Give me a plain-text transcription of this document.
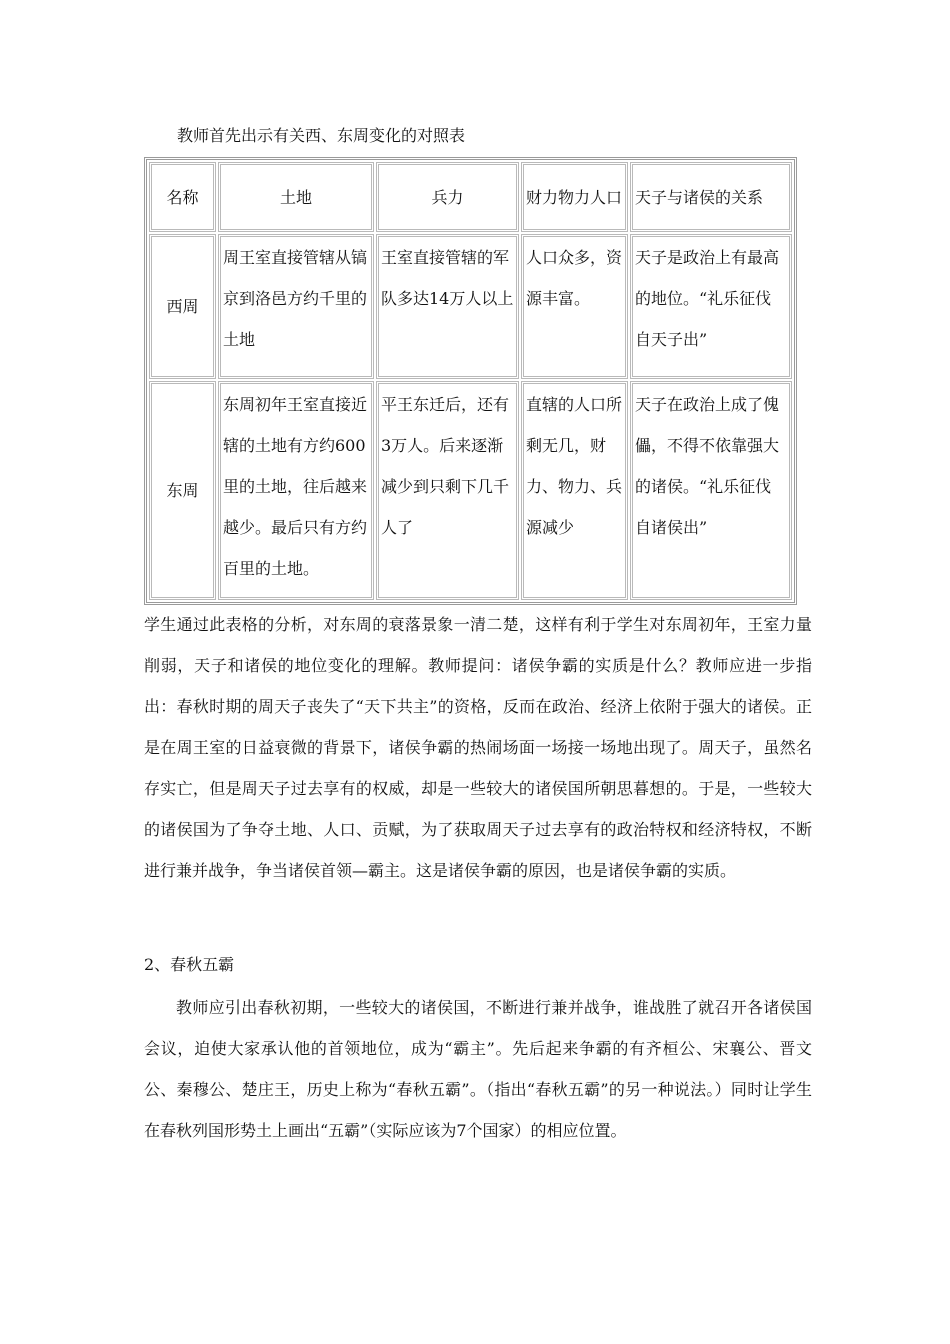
教师首先出示有关西、东周变化的对照表
名称	土地	兵力	财力物力人口	天子与诸侯的关系
西周	周王室直接管辖从镐京到洛邑方约千里的土地	王室直接管辖的军队多达14万人以上	人口众多，资源丰富。	天子是政治上有最高的地位。“礼乐征伐自天子出”
东周	东周初年王室直接近辖的土地有方约600里的土地，往后越来越少。最后只有方约百里的土地。	平王东迁后，还有3万人。后来逐渐减少到只剩下几千人了	直辖的人口所剩无几，财力、物力、兵源减少	天子在政治上成了傀儡，不得不依靠强大的诸侯。“礼乐征伐自诸侯出”
学生通过此表格的分析，对东周的衰落景象一清二楚，这样有利于学生对东周初年，王室力量削弱，天子和诸侯的地位变化的理解。教师提问：诸侯争霸的实质是什么？教师应进一步指出：春秋时期的周天子丧失了“天下共主”的资格，反而在政治、经济上依附于强大的诸侯。正是在周王室的日益衰微的背景下，诸侯争霸的热闹场面一场接一场地出现了。周天子，虽然名存实亡，但是周天子过去享有的权威，却是一些较大的诸侯国所朝思暮想的。于是，一些较大的诸侯国为了争夺土地、人口、贡赋，为了获取周天子过去享有的政治特权和经济特权，不断进行兼并战争，争当诸侯首领—霸主。这是诸侯争霸的原因，也是诸侯争霸的实质。
2、春秋五霸
教师应引出春秋初期，一些较大的诸侯国，不断进行兼并战争，谁战胜了就召开各诸侯国会议，迫使大家承认他的首领地位，成为“霸主”。先后起来争霸的有齐桓公、宋襄公、晋文公、秦穆公、楚庄王，历史上称为“春秋五霸”。（指出“春秋五霸”的另一种说法。）同时让学生在春秋列国形势土上画出“五霸”（实际应该为7个国家）的相应位置。
